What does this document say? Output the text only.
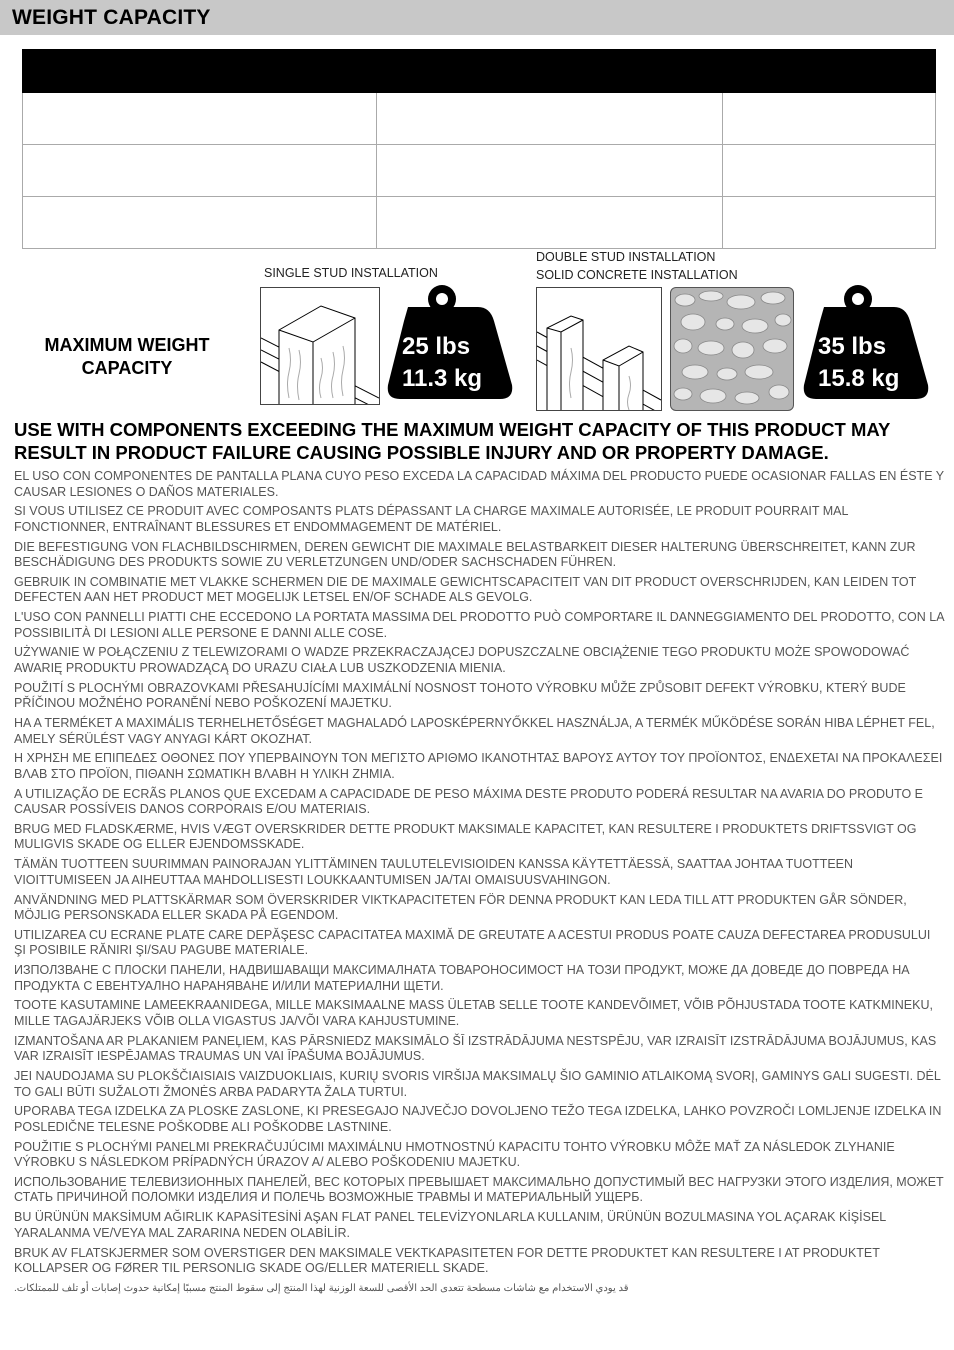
WEIGHT CAPACITY

MAXIMUM WEIGHT
CAPACITY
SINGLE STUD INSTALLATION
25 lbs
11.3 kg
DOUBLE STUD INSTALLATION
SOLID CONCRETE INSTALLATION
35 lbs
15.8 kg
USE WITH COMPONENTS EXCEEDING THE MAXIMUM WEIGHT CAPACITY OF THIS PRODUCT MAY RESULT IN PRODUCT FAILURE CAUSING POSSIBLE INJURY AND OR PROPERTY DAMAGE.
EL USO CON COMPONENTES DE PANTALLA PLANA CUYO PESO EXCEDA LA CAPACIDAD MÁXIMA DEL PRODUCTO PUEDE OCASIONAR FALLAS EN ÉSTE Y CAUSAR LESIONES O DAÑOS MATERIALES.
SI VOUS UTILISEZ CE PRODUIT AVEC COMPOSANTS PLATS DÉPASSANT LA CHARGE MAXIMALE AUTORISÉE, LE PRODUIT POURRAIT MAL FONCTIONNER, ENTRAÎNANT BLESSURES ET ENDOMMAGEMENT DE MATÉRIEL.
DIE BEFESTIGUNG VON FLACHBILDSCHIRMEN, DEREN GEWICHT DIE MAXIMALE BELASTBARKEIT DIESER HALTERUNG ÜBERSCHREITET, KANN ZUR BESCHÄDIGUNG DES PRODUKTS SOWIE ZU VERLETZUNGEN UND/ODER SACHSCHADEN FÜHREN.
GEBRUIK IN COMBINATIE MET VLAKKE SCHERMEN DIE DE MAXIMALE GEWICHTSCAPACITEIT VAN DIT PRODUCT OVERSCHRIJDEN, KAN LEIDEN TOT DEFECTEN AAN HET PRODUCT MET MOGELIJK LETSEL EN/OF SCHADE ALS GEVOLG.
L'USO CON PANNELLI PIATTI CHE ECCEDONO LA PORTATA MASSIMA DEL PRODOTTO PUÒ COMPORTARE IL DANNEGGIAMENTO DEL PRODOTTO, CON LA POSSIBILITÀ DI LESIONI ALLE PERSONE E DANNI ALLE COSE.
UŻYWANIE W POŁĄCZENIU Z TELEWIZORAMI O WADZE PRZEKRACZAJĄCEJ DOPUSZCZALNE OBCIĄŻENIE TEGO PRODUKTU MOŻE SPOWODOWAĆ AWARIĘ PRODUKTU PROWADZĄCĄ DO URAZU CIAŁA LUB USZKODZENIA MIENIA.
POUŽITÍ S PLOCHÝMI OBRAZOVKAMI PŘESAHUJÍCÍMI MAXIMÁLNÍ NOSNOST TOHOTO VÝROBKU MŮŽE ZPŮSOBIT DEFEKT VÝROBKU, KTERÝ BUDE PŘÍČINOU MOŽNÉHO PORANĚNÍ NEBO POŠKOZENÍ MAJETKU.
HA A TERMÉKET A MAXIMÁLIS TERHELHETŐSÉGET MAGHALADÓ LAPOSKÉPERNYŐKKEL HASZNÁLJA, A TERMÉK MŰKÖDÉSE SORÁN HIBA LÉPHET FEL, AMELY SÉRÜLÉST VAGY ANYAGI KÁRT OKOZHAT.
Η ΧΡΗΣΗ ΜΕ ΕΠΙΠΕΔΕΣ ΟΘΟΝΕΣ ΠΟΥ ΥΠΕΡΒΑΙΝΟΥΝ ΤΟΝ ΜΕΓΙΣΤΟ ΑΡΙΘΜΟ ΙΚΑΝΟΤΗΤΑΣ ΒΑΡΟΥΣ ΑΥΤΟΥ ΤΟΥ ΠΡΟΪΟΝΤΟΣ, ΕΝΔΕΧΕΤΑΙ ΝΑ ΠΡΟΚΑΛΕΣΕΙ ΒΛΑΒ ΣΤΟ ΠΡΟΪΟΝ, ΠΙΘΑΝΗ ΣΩΜΑΤΙΚΗ ΒΛΑΒΗ Η ΥΛΙΚΗ ΖΗΜΙΑ.
A UTILIZAÇÃO DE ECRÃS PLANOS QUE EXCEDAM A CAPACIDADE DE PESO MÁXIMA DESTE PRODUTO PODERÁ RESULTAR NA AVARIA DO PRODUTO E CAUSAR POSSÍVEIS DANOS CORPORAIS E/OU MATERIAIS.
BRUG MED FLADSKÆRME, HVIS VÆGT OVERSKRIDER DETTE PRODUKT MAKSIMALE KAPACITET, KAN RESULTERE I PRODUKTETS DRIFTSSVIGT OG MULIGVIS SKADE OG ELLER EJENDOMSSKADE.
TÄMÄN TUOTTEEN SUURIMMAN PAINORAJAN YLITTÄMINEN TAULUTELEVISIOIDEN KANSSA KÄYTETTÄESSÄ, SAATTAA JOHTAA TUOTTEEN VIOITTUMISEEN JA AIHEUTTAA MAHDOLLISESTI LOUKKAANTUMISEN JA/TAI OMAISUUSVAHINGON.
ANVÄNDNING MED PLATTSKÄRMAR SOM ÖVERSKRIDER VIKTKAPACITETEN FÖR DENNA PRODUKT KAN LEDA TILL ATT PRODUKTEN GÅR SÖNDER, MÖJLIG PERSONSKADA ELLER SKADA PÅ EGENDOM.
UTILIZAREA CU ECRANE PLATE CARE DEPĂŞESC CAPACITATEA MAXIMĂ DE GREUTATE A ACESTUI PRODUS POATE CAUZA DEFECTAREA PRODUSULUI ŞI POSIBILE RĂNIRI ŞI/SAU PAGUBE MATERIALE.
ИЗПОЛЗВАНЕ С ПЛОСКИ ПАНЕЛИ, НАДВИШАВАЩИ МАКСИМАЛНАТА ТОВАРОНОСИМОСТ НА ТОЗИ ПРОДУКТ, МОЖЕ ДА ДОВЕДЕ ДО ПОВРЕДА НА ПРОДУКТА С ЕВЕНТУАЛНО НАРАНЯВАНЕ И/ИЛИ МАТЕРИАЛНИ ЩЕТИ.
TOOTE KASUTAMINE LAMEEKRAANIDEGA, MILLE MAKSIMAALNE MASS ÜLETAB SELLE TOOTE KANDEVÕIMET, VÕIB PÕHJUSTADA TOOTE KATKMINEKU, MILLE TAGAJÄRJEKS VÕIB OLLA VIGASTUS JA/VÕI VARA KAHJUSTUMINE.
IZMANTOŠANA AR PLAKANIEM PANEĻIEM, KAS PĀRSNIEDZ MAKSIMĀLO ŠĪ IZSTRĀDĀJUMA NESTSPĒJU, VAR IZRAISĪT IZSTRĀDĀJUMA BOJĀJUMUS, KAS VAR IZRAISĪT IESPĒJAMAS TRAUMAS UN VAI ĪPAŠUMA BOJĀJUMUS.
JEI NAUDOJAMA SU PLOKŠČIAISIAIS VAIZDUOKLIAIS, KURIŲ SVORIS VIRŠIJA MAKSIMALŲ ŠIO GAMINIO ATLAIKOMĄ SVORĮ, GAMINYS GALI SUGESTI. DĖL TO GALI BŪTI SUŽALOTI ŽMONĖS ARBA PADARYTA ŽALA TURTUI.
UPORABA TEGA IZDELKA ZA PLOSKE ZASLONE, KI PRESEGAJO NAJVEČJO DOVOLJENO TEŽO TEGA IZDELKA, LAHKO POVZROČI LOMLJENJE IZDELKA IN POSLEDIČNE TELESNE POŠKODBE ALI POŠKODBE LASTNINE.
POUŽITIE S PLOCHÝMI PANELMI PREKRAČUJÚCIMI MAXIMÁLNU HMOTNOSTNÚ KAPACITU TOHTO VÝROBKU MÔŽE MAŤ ZA NÁSLEDOK ZLYHANIE VÝROBKU S NÁSLEDKOM PRÍPADNÝCH ÚRAZOV A/ ALEBO POŠKODENIU MAJETKU.
ИСПОЛЬЗОВАНИЕ ТЕЛЕВИЗИОННЫХ ПАНЕЛЕЙ, ВЕС КОТОРЫХ ПРЕВЫШАЕТ МАКСИМАЛЬНО ДОПУСТИМЫЙ ВЕС НАГРУЗКИ ЭТОГО ИЗДЕЛИЯ, МОЖЕТ СТАТЬ ПРИЧИНОЙ ПОЛОМКИ ИЗДЕЛИЯ И ПОЛЕЧЬ ВОЗМОЖНЫЕ ТРАВМЫ И МАТЕРИАЛЬНЫЙ УЩЕРБ.
BU ÜRÜNÜN MAKSİMUM AĞIRLIK KAPASİTESİNİ AŞAN FLAT PANEL TELEVİZYONLARLA KULLANIM, ÜRÜNÜN BOZULMASINA YOL AÇARAK KİŞİSEL YARALANMA VE/VEYA MAL ZARARINA NEDEN OLABİLİR.
BRUK AV FLATSKJERMER SOM OVERSTIGER DEN MAKSIMALE VEKTKAPASITETEN FOR DETTE PRODUKTET KAN RESULTERE I AT PRODUKTET KOLLAPSER OG FØRER TIL PERSONLIG SKADE OG/ELLER MATERIELL SKADE.
قد يودي الاستخدام مع شاشات مسطحة تتعدى الحد الأقصى للسعة الوزنية لهذا المنتج إلى سقوط المنتج مسببًا إمكانية حدوث إصابات أو تلف للممتلكات.
